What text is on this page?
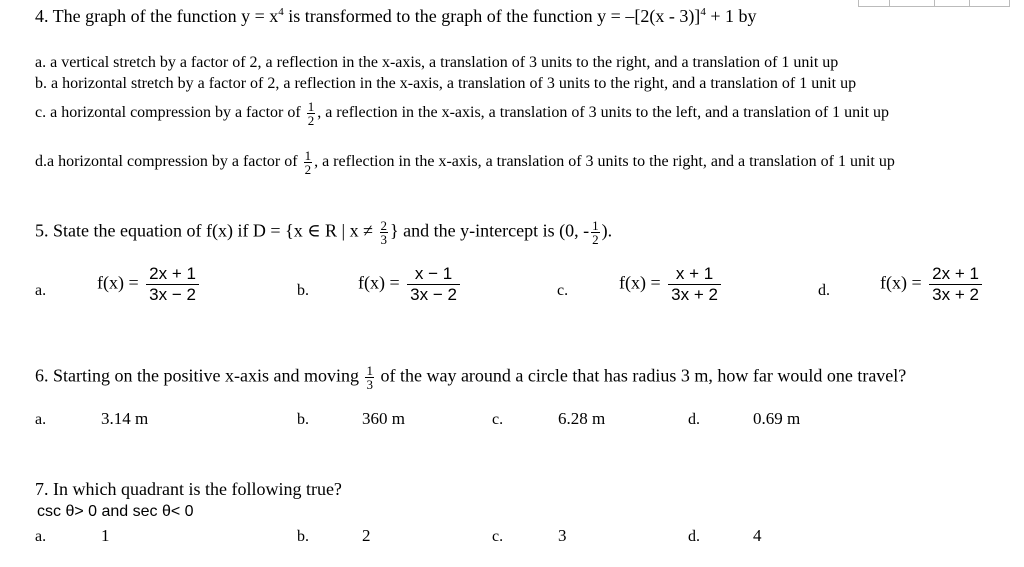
4. The graph of the function $y = x^4$ is transformed to the graph of the function y = –[2(x - 3)]$^4$ + 1 by
a. a vertical stretch by a factor of 2, a reflection in the x-axis, a translation of 3 units to the right, and a translation of 1 unit up
b. a horizontal stretch by a factor of 2, a reflection in the x-axis, a translation of 3 units to the right, and a translation of 1 unit up
c. a horizontal compression by a factor of $\frac{1}{2}$ , a reflection in the x-axis, a translation of 3 units to the left, and a translation of 1 unit up
d.a horizontal compression by a factor of $\frac{1}{2}$ , a reflection in the x-axis, a translation of 3 units to the right, and a translation of 1 unit up
5. State the equation of f(x) if D = {x ∈ R | $x \ne \frac{2}{3}$ } and the y-intercept is (0, - $\frac{1}{2}$ ).
a.	$f(x) = \frac{2x + 1}{3x - 2}$	b.	$f(x) = \frac{x - 1}{3x - 2}$	c.	$f(x) = \frac{x + 1}{3x + 2}$	d.	$f(x) = \frac{2x + 1}{3x + 2}$
6. Starting on the positive x-axis and moving $\frac{1}{3}$ of the way around a circle that has radius 3 m, how far would one travel?
a.	3.14 m	b.	360 m	c.	6.28 m	d.	0.69 m
7. In which quadrant is the following true?
csc θ> 0 and sec θ< 0
a.	1	b.	2	c.	3	d.	4
